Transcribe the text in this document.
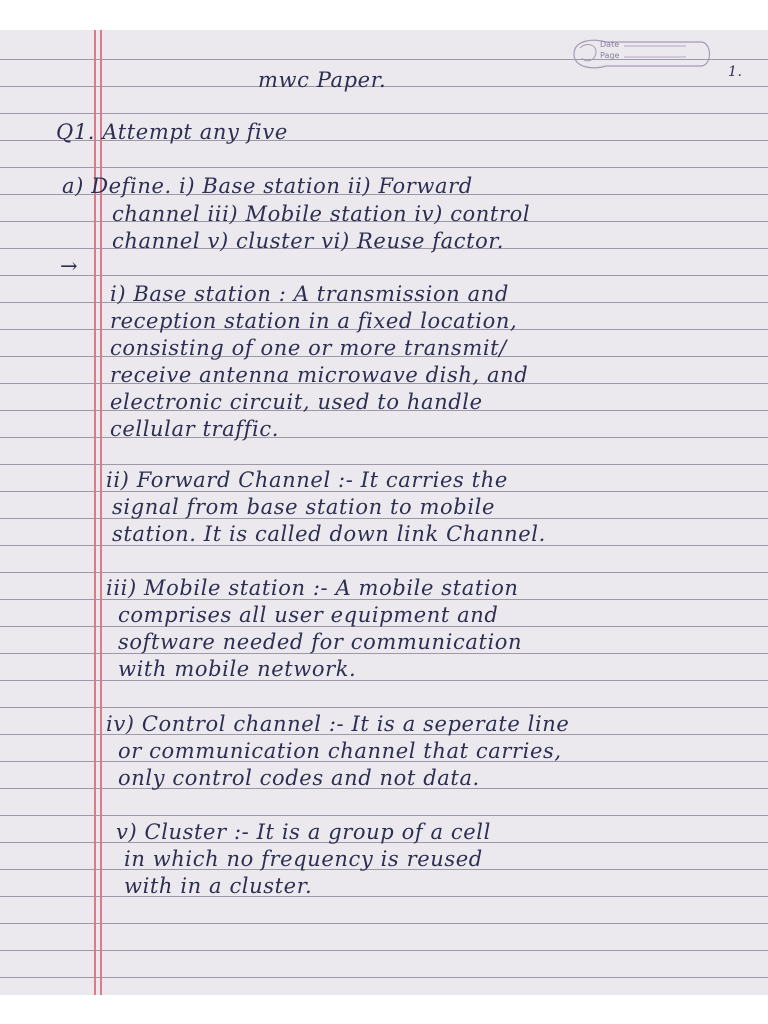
Date
Page
1.
mwc Paper.
Q1. Attempt any five
a) Define. i) Base station ii) Forward
channel iii) Mobile station iv) control
channel v) cluster vi) Reuse factor.
→
i) Base station : A transmission and
reception station in a fixed location,
consisting of one or more transmit/
receive antenna microwave dish, and
electronic circuit, used to handle
cellular traffic.
ii) Forward Channel :- It carries the
signal from base station to mobile
station. It is called down link Channel.
iii) Mobile station :- A mobile station
comprises all user equipment and
software needed for communication
with mobile network.
iv) Control channel :- It is a seperate line
or communication channel that carries,
only control codes and not data.
v) Cluster :- It is a group of a cell
in which no frequency is reused
with in a cluster.
